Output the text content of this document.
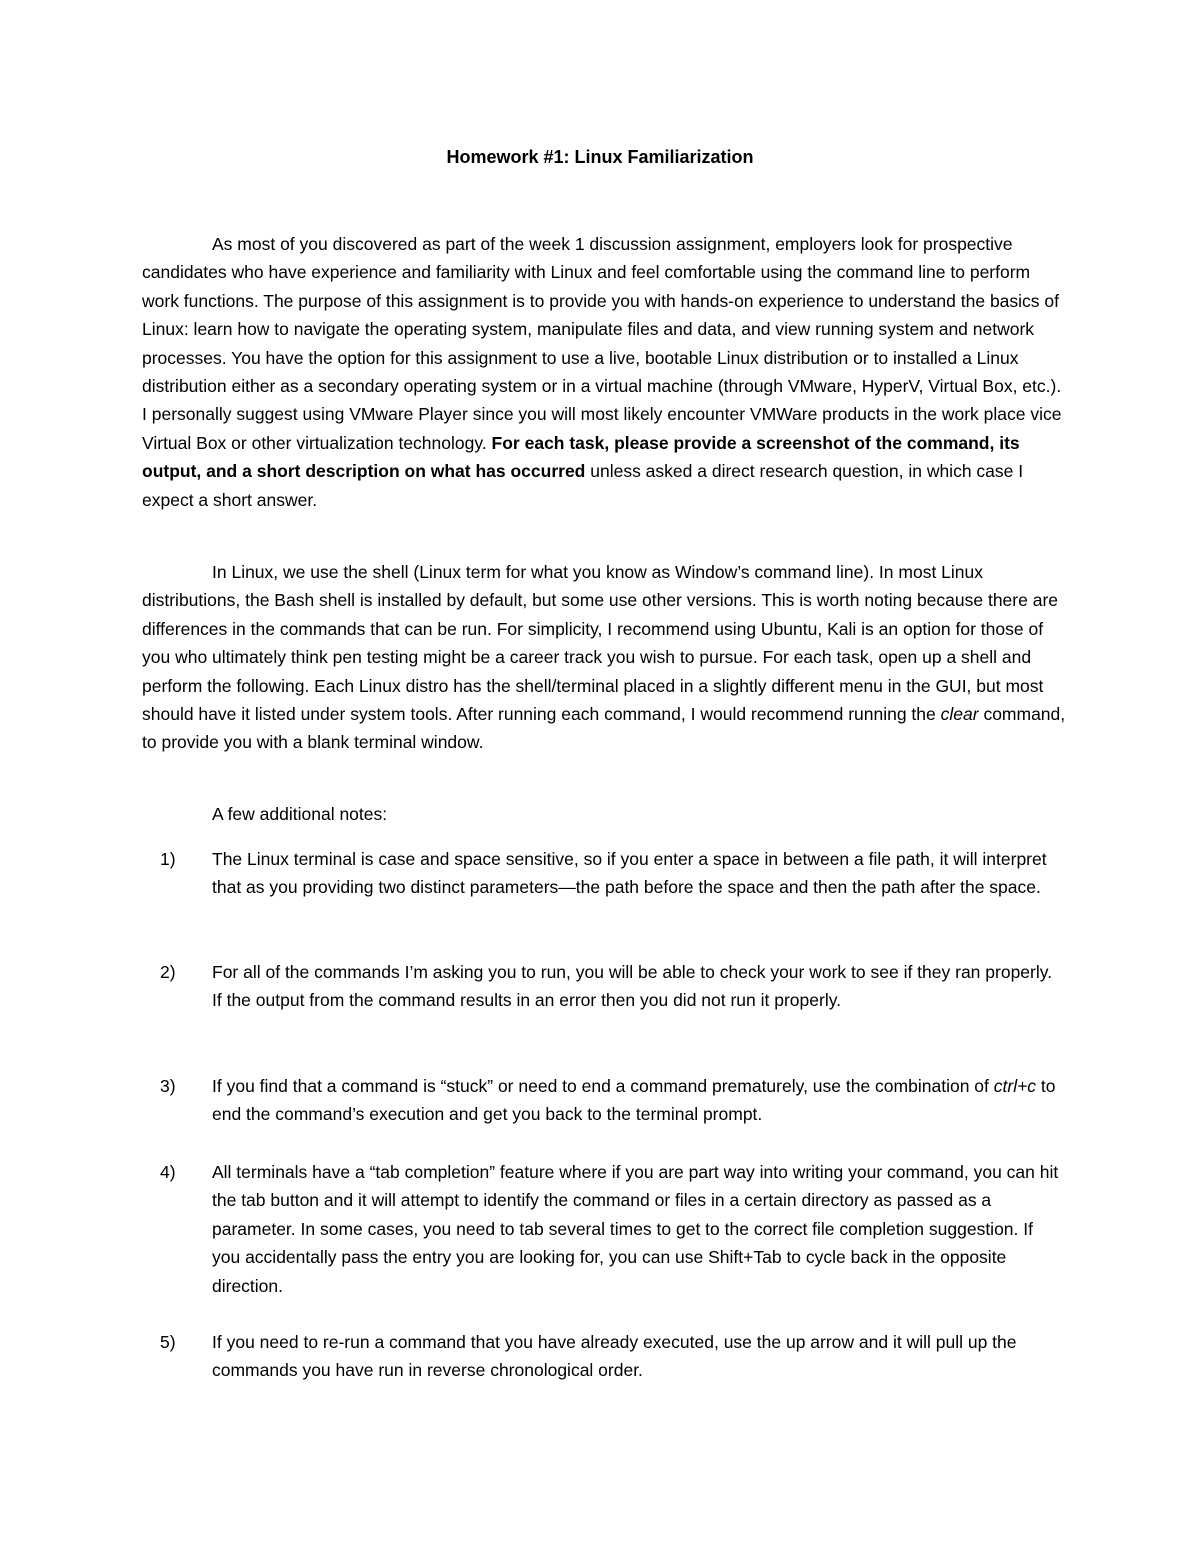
Homework #1: Linux Familiarization

As most of you discovered as part of the week 1 discussion assignment, employers look for prospective candidates who have experience and familiarity with Linux and feel comfortable using the command line to perform work functions. The purpose of this assignment is to provide you with hands-on experience to understand the basics of Linux: learn how to navigate the operating system, manipulate files and data, and view running system and network processes. You have the option for this assignment to use a live, bootable Linux distribution or to installed a Linux distribution either as a secondary operating system or in a virtual machine (through VMware, HyperV, Virtual Box, etc.). I personally suggest using VMware Player since you will most likely encounter VMWare products in the work place vice Virtual Box or other virtualization technology. For each task, please provide a screenshot of the command, its output, and a short description on what has occurred unless asked a direct research question, in which case I expect a short answer.

In Linux, we use the shell (Linux term for what you know as Window’s command line). In most Linux distributions, the Bash shell is installed by default, but some use other versions. This is worth noting because there are differences in the commands that can be run. For simplicity, I recommend using Ubuntu, Kali is an option for those of you who ultimately think pen testing might be a career track you wish to pursue. For each task, open up a shell and perform the following. Each Linux distro has the shell/terminal placed in a slightly different menu in the GUI, but most should have it listed under system tools. After running each command, I would recommend running the clear command, to provide you with a blank terminal window.

A few additional notes:

1)	The Linux terminal is case and space sensitive, so if you enter a space in between a file path, it will interpret that as you providing two distinct parameters—the path before the space and then the path after the space.
2)	For all of the commands I’m asking you to run, you will be able to check your work to see if they ran properly. If the output from the command results in an error then you did not run it properly.
3)	If you find that a command is “stuck” or need to end a command prematurely, use the combination of ctrl+c to end the command’s execution and get you back to the terminal prompt.
4)	All terminals have a “tab completion” feature where if you are part way into writing your command, you can hit the tab button and it will attempt to identify the command or files in a certain directory as passed as a parameter. In some cases, you need to tab several times to get to the correct file completion suggestion. If you accidentally pass the entry you are looking for, you can use Shift+Tab to cycle back in the opposite direction.
5)	If you need to re-run a command that you have already executed, use the up arrow and it will pull up the commands you have run in reverse chronological order.
